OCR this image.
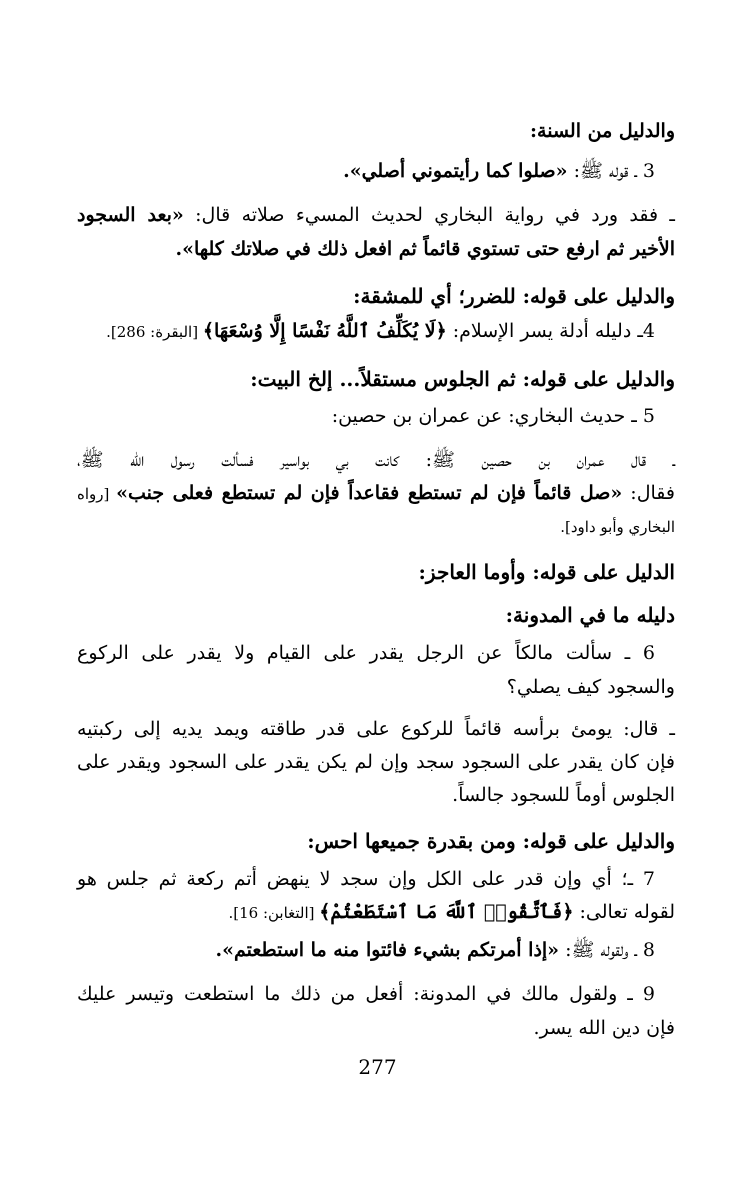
والدليل من السنة:
3 ـ قوله ﷺ: «صلوا كما رأيتموني أصلي».
ـ فقد ورد في رواية البخاري لحديث المسيء صلاته قال: «بعد السجود
الأخير ثم ارفع حتى تستوي قائماً ثم افعل ذلك في صلاتك كلها».
والدليل على قوله: للضرر؛ أي للمشقة:
4ـ دليله أدلة يسر الإسلام: ﴿لَا يُكَلِّفُ ٱللَّهُ نَفْسًا إِلَّا وُسْعَهَا﴾ [البقرة: 286].
والدليل على قوله: ثم الجلوس مستقلاً... إلخ البيت:
5 ـ حديث البخاري: عن عمران بن حصين:
ـ قال عمران بن حصين ﷺ: كانت بي بواسير فسألت رسول الله ﷺ،
فقال: «صل قائماً فإن لم تستطع فقاعداً فإن لم تستطع فعلى جنب» [رواه
البخاري وأبو داود].
الدليل على قوله: وأوما العاجز:
دليله ما في المدونة:
6 ـ سألت مالكاً عن الرجل يقدر على القيام ولا يقدر على الركوع
والسجود كيف يصلي؟
ـ قال: يومئ برأسه قائماً للركوع على قدر طاقته ويمد يديه إلى ركبتيه
فإن كان يقدر على السجود سجد وإن لم يكن يقدر على السجود ويقدر على
الجلوس أوماً للسجود جالساً.
والدليل على قوله: ومن بقدرة جميعها احس:
7 ـ؛ أي وإن قدر على الكل وإن سجد لا ينهض أتم ركعة ثم جلس هو
لقوله تعالى: ﴿فَٱتَّقُوا۟ ٱللَّهَ مَا ٱسْتَطَعْتُمْ﴾ [التغابن: 16].
8 ـ ولقوله ﷺ: «إذا أمرتكم بشيء فائتوا منه ما استطعتم».
9 ـ ولقول مالك في المدونة: أفعل من ذلك ما استطعت وتيسر عليك
فإن دين الله يسر.
277
